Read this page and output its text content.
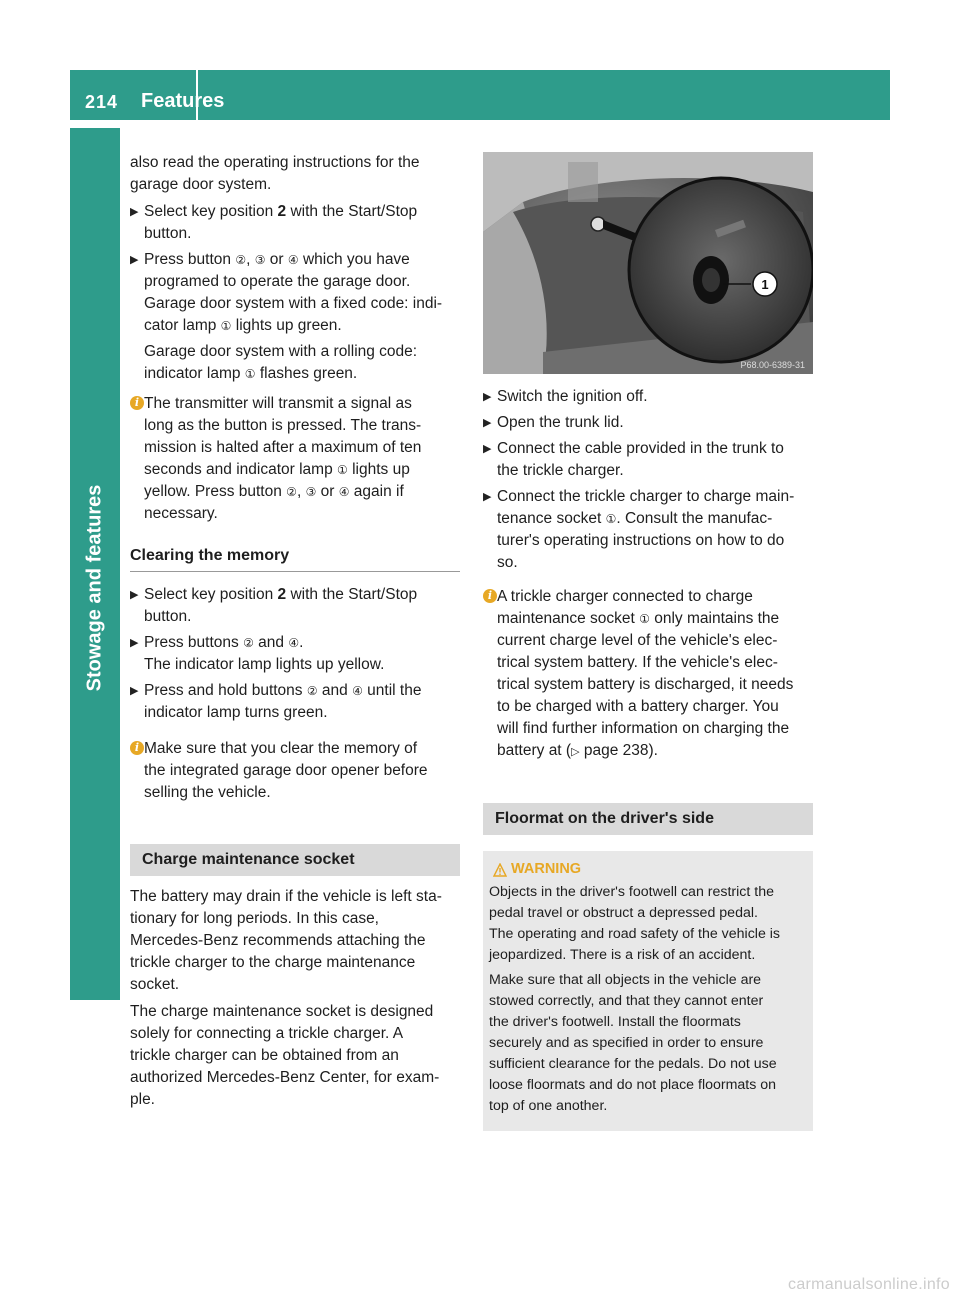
214 Features
Stowage and features

also read the operating instructions for the
garage door system.

▶ Select key position 2 with the Start/Stop
button.
▶ Press button ②, ③ or ④ which you have
programed to operate the garage door.
Garage door system with a fixed code: indi-
cator lamp ① lights up green.
Garage door system with a rolling code:
indicator lamp ① flashes green.
i The transmitter will transmit a signal as
long as the button is pressed. The trans-
mission is halted after a maximum of ten
seconds and indicator lamp ① lights up
yellow. Press button ②, ③ or ④ again if
necessary.
Clearing the memory
▶ Select key position 2 with the Start/Stop
button.
▶ Press buttons ② and ④.
The indicator lamp lights up yellow.
▶ Press and hold buttons ② and ④ until the
indicator lamp turns green.
i Make sure that you clear the memory of
the integrated garage door opener before
selling the vehicle.
Charge maintenance socket

The battery may drain if the vehicle is left sta-
tionary for long periods. In this case,
Mercedes-Benz recommends attaching the
trickle charger to the charge maintenance
socket.

The charge maintenance socket is designed
solely for connecting a trickle charger. A
trickle charger can be obtained from an
authorized Mercedes-Benz Center, for exam-
ple.

1
P68.00-6389-31
▶ Switch the ignition off.
▶ Open the trunk lid.
▶ Connect the cable provided in the trunk to
the trickle charger.
▶ Connect the trickle charger to charge main-
tenance socket ①. Consult the manufac-
turer's operating instructions on how to do
so.
i A trickle charger connected to charge
maintenance socket ① only maintains the
current charge level of the vehicle's elec-
trical system battery. If the vehicle's elec-
trical system battery is discharged, it needs
to be charged with a battery charger. You
will find further information on charging the
battery at (▷ page 238).
Floormat on the driver's side
WARNING

Objects in the driver's footwell can restrict the
pedal travel or obstruct a depressed pedal.
The operating and road safety of the vehicle is
jeopardized. There is a risk of an accident.

Make sure that all objects in the vehicle are
stowed correctly, and that they cannot enter
the driver's footwell. Install the floormats
securely and as specified in order to ensure
sufficient clearance for the pedals. Do not use
loose floormats and do not place floormats on
top of one another.

carmanualsonline.info
